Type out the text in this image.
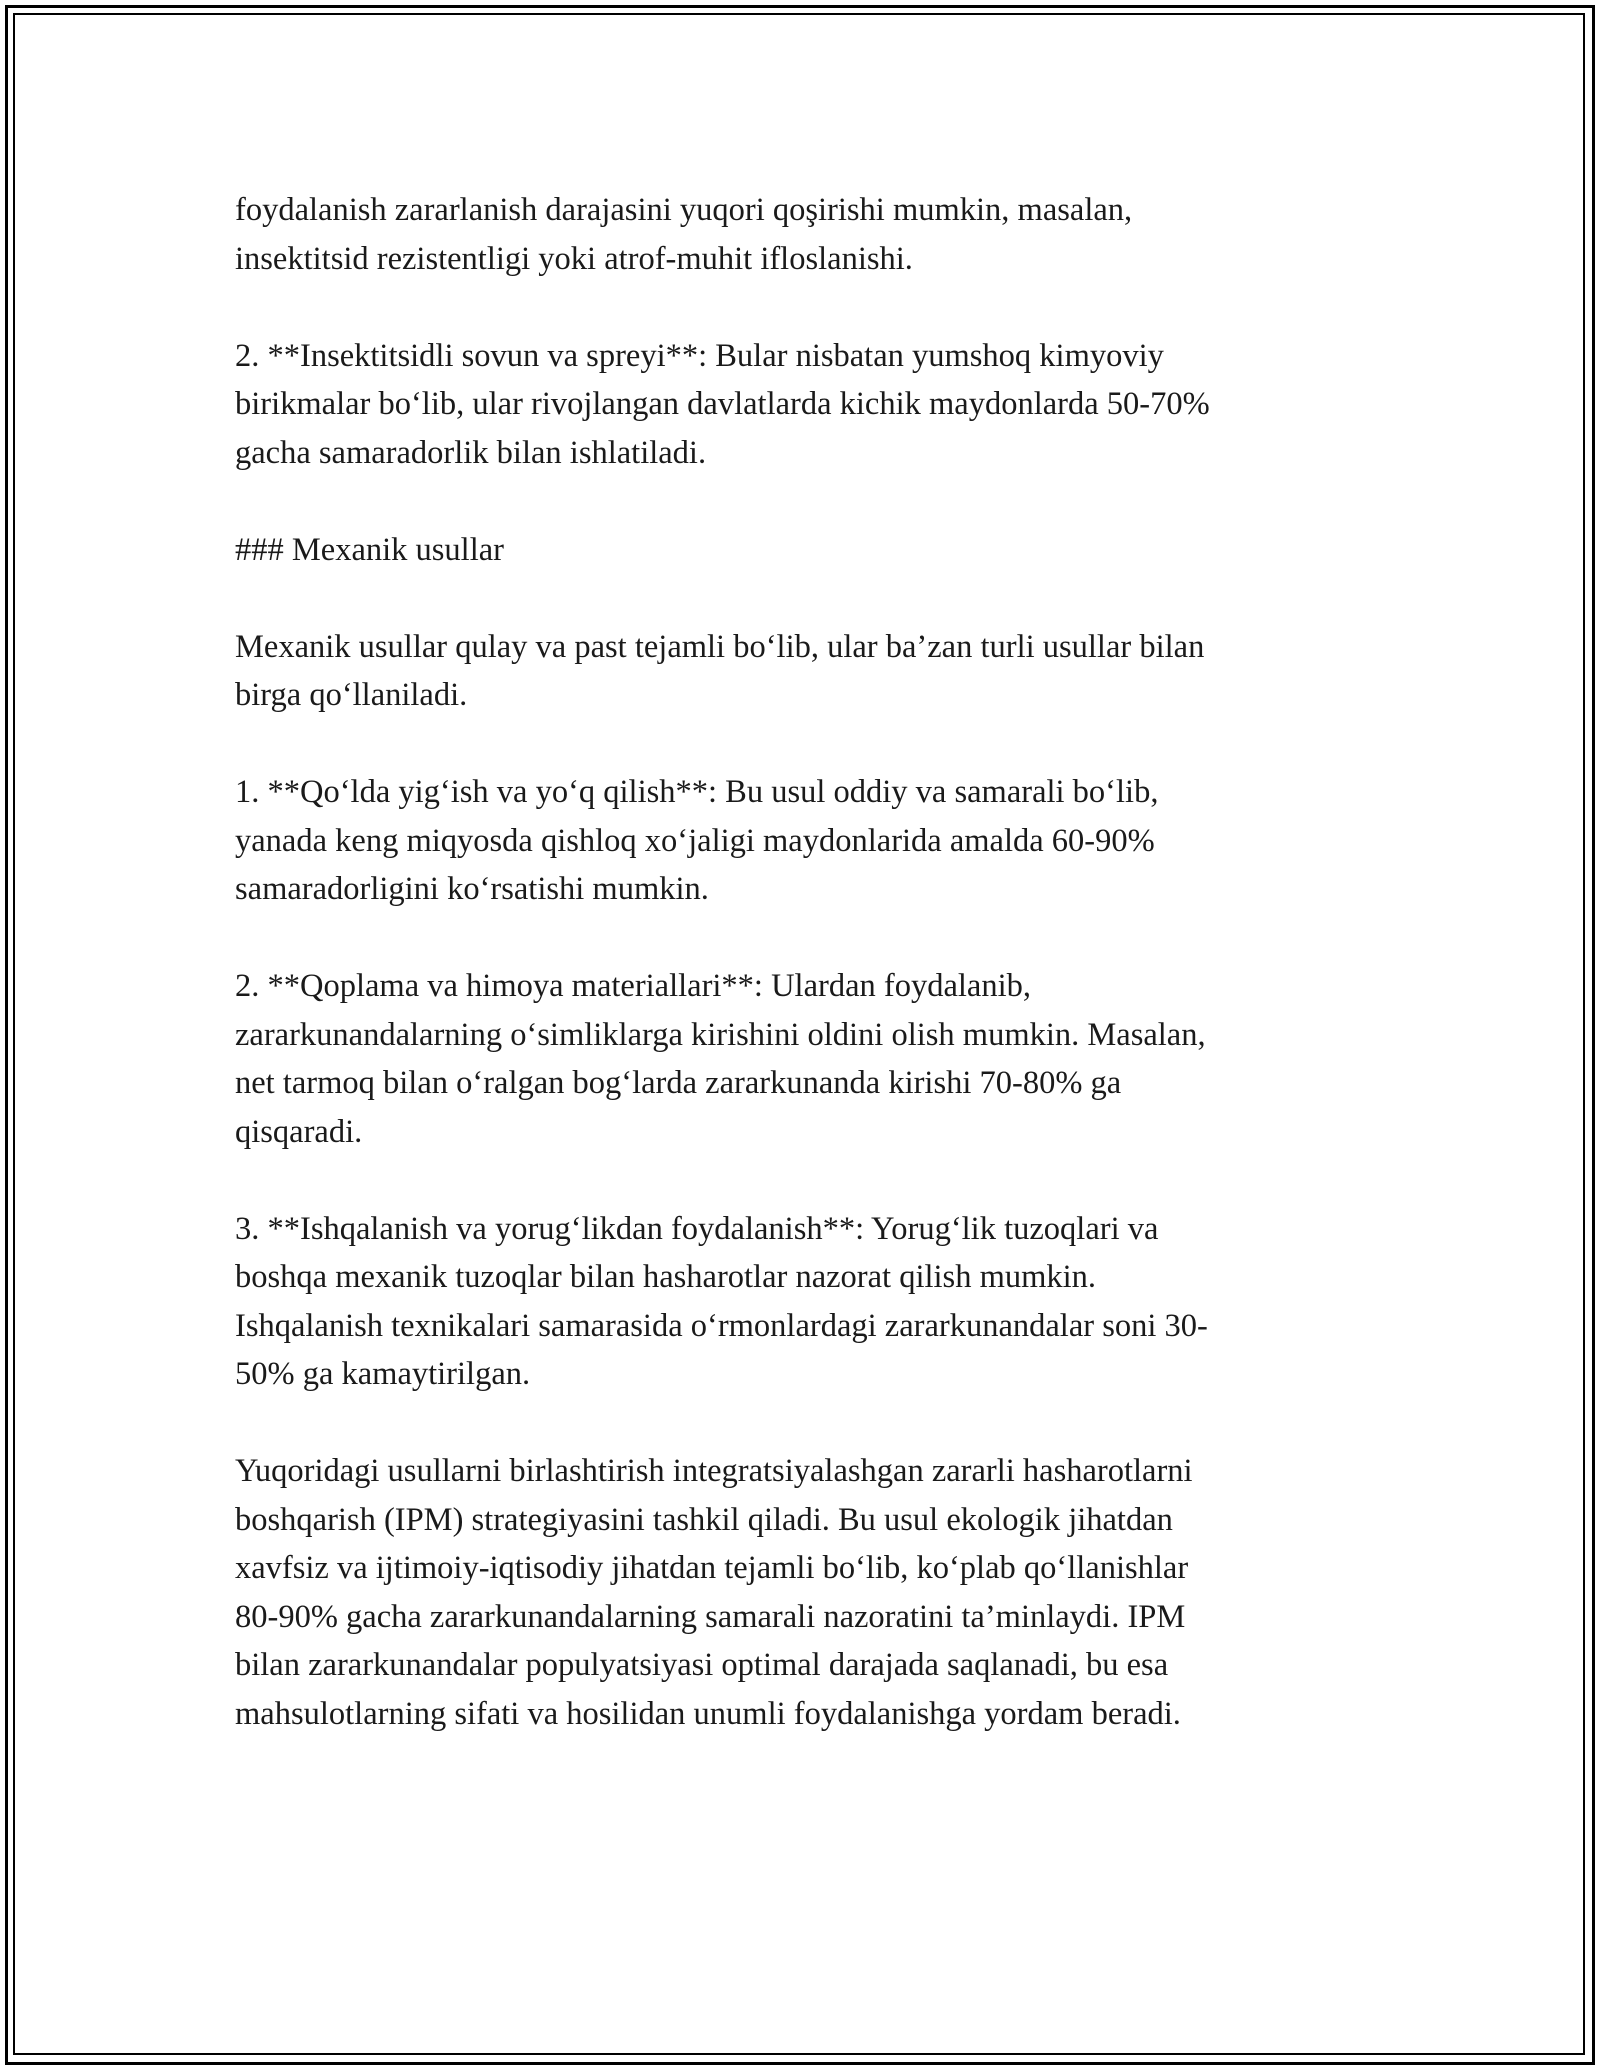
foydalanish zararlanish darajasini yuqori qoşirishi mumkin, masalan,
insektitsid rezistentligi yoki atrof-muhit ifloslanishi.

2. **Insektitsidli sovun va spreyi**: Bular nisbatan yumshoq kimyoviy
birikmalar bo‘lib, ular rivojlangan davlatlarda kichik maydonlarda 50-70%
gacha samaradorlik bilan ishlatiladi.

### Mexanik usullar

Mexanik usullar qulay va past tejamli bo‘lib, ular ba’zan turli usullar bilan
birga qo‘llaniladi.

1. **Qo‘lda yig‘ish va yo‘q qilish**: Bu usul oddiy va samarali bo‘lib,
yanada keng miqyosda qishloq xo‘jaligi maydonlarida amalda 60-90%
samaradorligini ko‘rsatishi mumkin.

2. **Qoplama va himoya materiallari**: Ulardan foydalanib,
zararkunandalarning o‘simliklarga kirishini oldini olish mumkin. Masalan,
net tarmoq bilan o‘ralgan bog‘larda zararkunanda kirishi 70-80% ga
qisqaradi.

3. **Ishqalanish va yorug‘likdan foydalanish**: Yorug‘lik tuzoqlari va
boshqa mexanik tuzoqlar bilan hasharotlar nazorat qilish mumkin.
Ishqalanish texnikalari samarasida o‘rmonlardagi zararkunandalar soni 30-
50% ga kamaytirilgan.

Yuqoridagi usullarni birlashtirish integratsiyalashgan zararli hasharotlarni
boshqarish (IPM) strategiyasini tashkil qiladi. Bu usul ekologik jihatdan
xavfsiz va ijtimoiy-iqtisodiy jihatdan tejamli bo‘lib, ko‘plab qo‘llanishlar
80-90% gacha zararkunandalarning samarali nazoratini ta’minlaydi. IPM
bilan zararkunandalar populyatsiyasi optimal darajada saqlanadi, bu esa
mahsulotlarning sifati va hosilidan unumli foydalanishga yordam beradi.
